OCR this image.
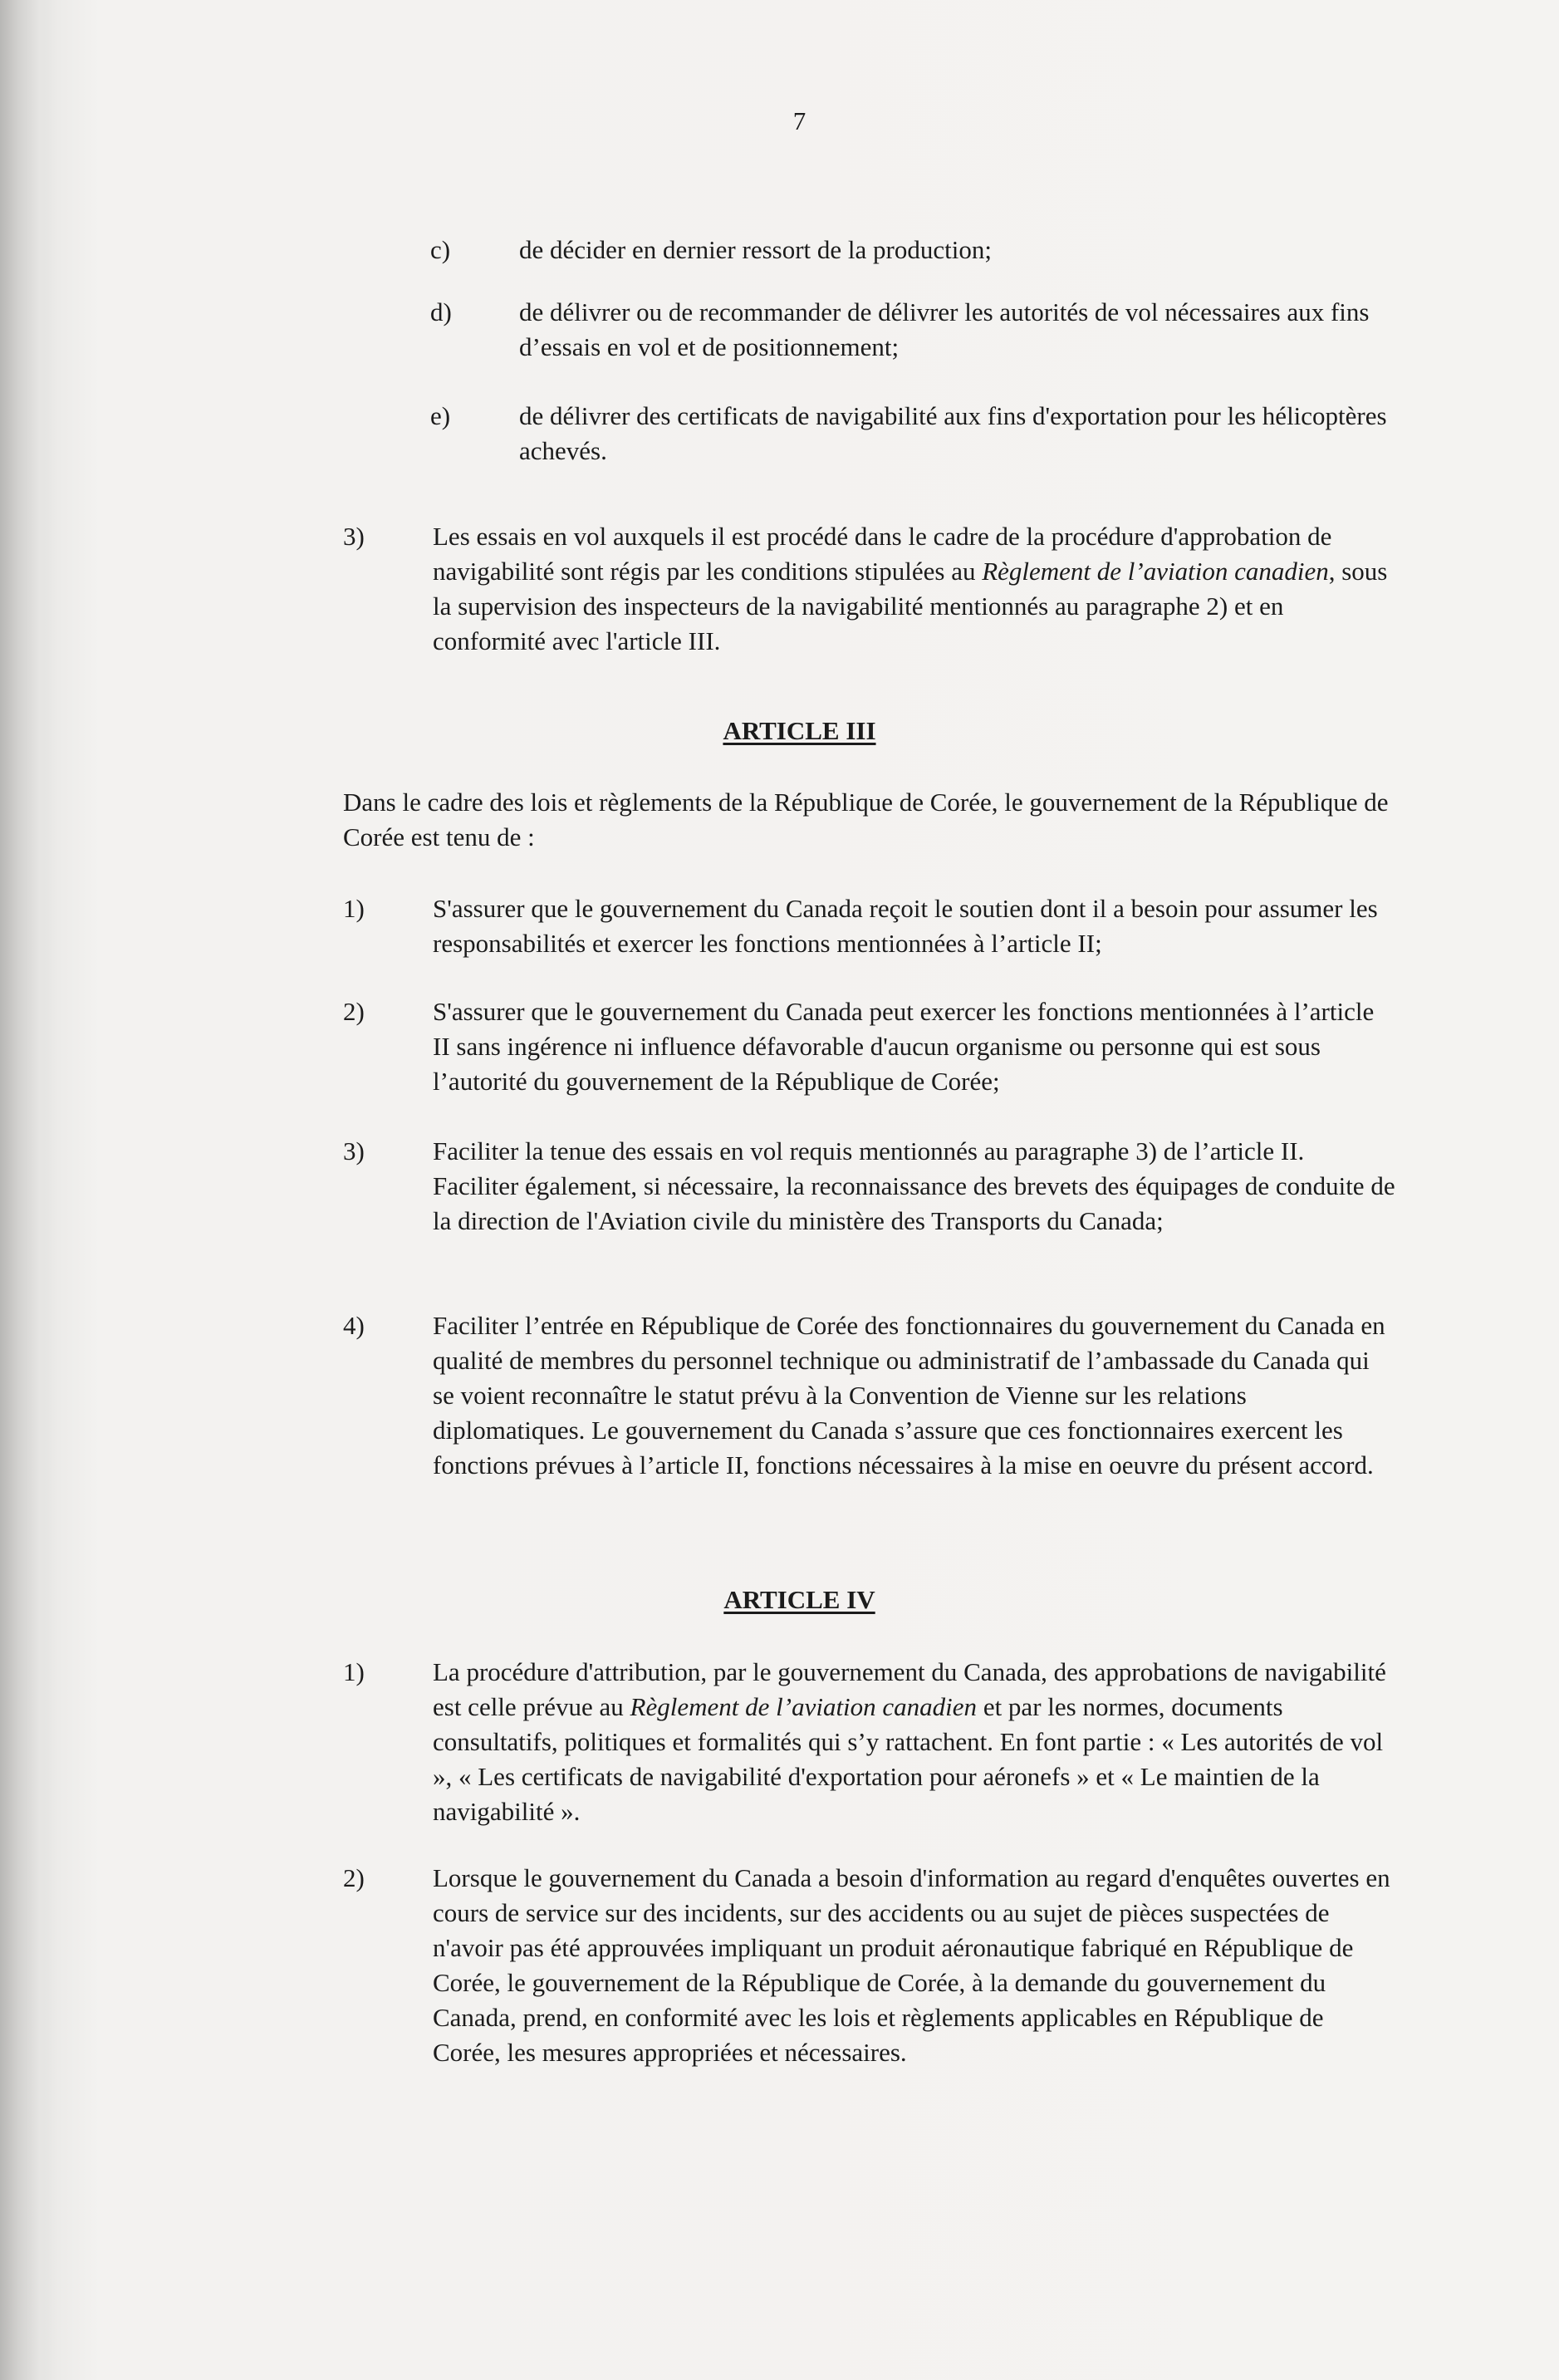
7
c)	de décider en dernier ressort de la production;
d)	de délivrer ou de recommander de délivrer les autorités de vol nécessaires aux fins d’essais en vol et de positionnement;
e)	de délivrer des certificats de navigabilité aux fins d'exportation pour les hélicoptères achevés.
3)	Les essais en vol auxquels il est procédé dans le cadre de la procédure d'approbation de navigabilité sont régis par les conditions stipulées au Règlement de l’aviation canadien, sous la supervision des inspecteurs de la navigabilité mentionnés au paragraphe 2) et en conformité avec l'article III.
ARTICLE III
Dans le cadre des lois et règlements de la République de Corée, le gouvernement de la République de Corée est tenu de :
1)	S'assurer que le gouvernement du Canada reçoit le soutien dont il a besoin pour assumer les responsabilités et exercer les fonctions mentionnées à l’article II;
2)	S'assurer que le gouvernement du Canada peut exercer les fonctions mentionnées à l’article II sans ingérence ni influence défavorable d'aucun organisme ou personne qui est sous l’autorité du gouvernement de la République de Corée;
3)	Faciliter la tenue des essais en vol requis mentionnés au paragraphe 3) de l’article II. Faciliter également, si nécessaire, la reconnaissance des brevets des équipages de conduite de la direction de l'Aviation civile du ministère des Transports du Canada;
4)	Faciliter l’entrée en République de Corée des fonctionnaires du gouvernement du Canada en qualité de membres du personnel technique ou administratif de l’ambassade du Canada qui se voient reconnaître le statut prévu à la Convention de Vienne sur les relations diplomatiques. Le gouvernement du Canada s’assure que ces fonctionnaires exercent les fonctions prévues à l’article II, fonctions nécessaires à la mise en oeuvre du présent accord.
ARTICLE IV
1)	La procédure d'attribution, par le gouvernement du Canada, des approbations de navigabilité est celle prévue au Règlement de l’aviation canadien et par les normes, documents consultatifs, politiques et formalités qui s’y rattachent. En font partie : « Les autorités de vol », « Les certificats de navigabilité d'exportation pour aéronefs » et « Le maintien de la navigabilité ».
2)	Lorsque le gouvernement du Canada a besoin d'information au regard d'enquêtes ouvertes en cours de service sur des incidents, sur des accidents ou au sujet de pièces suspectées de n'avoir pas été approuvées impliquant un produit aéronautique fabriqué en République de Corée, le gouvernement de la République de Corée, à la demande du gouvernement du Canada, prend, en conformité avec les lois et règlements applicables en République de Corée, les mesures appropriées et nécessaires.
